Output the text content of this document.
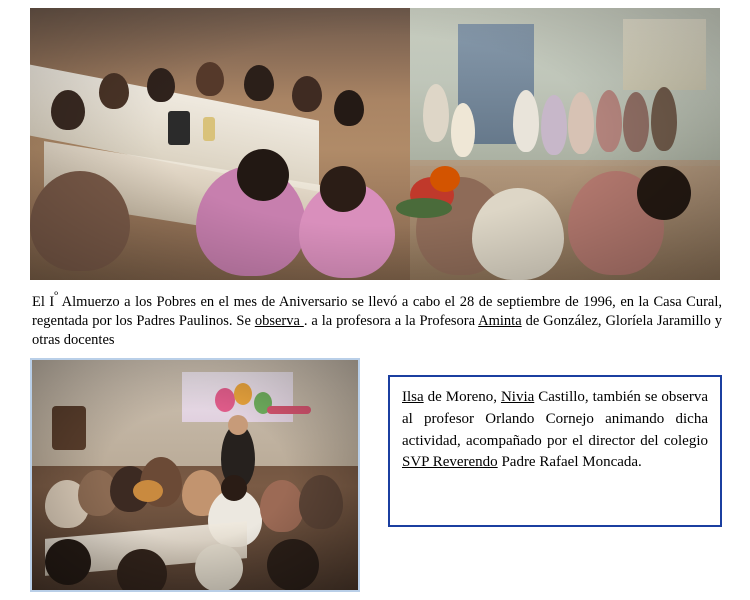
El $I^º$ Almuerzo a los Pobres en el mes de Aniversario se llevó a cabo el 28 de septiembre de 1996, en la Casa Cural, regentada por los Padres Paulinos. Se observa . a la profesora a la Profesora Aminta de González, Gloríela Jaramillo y otras docentes

Ilsa de Moreno, Nivia Castillo, también se observa al profesor Orlando Cornejo animando dicha actividad, acompañado por el director del colegio SVP Reverendo Padre Rafael Moncada.
